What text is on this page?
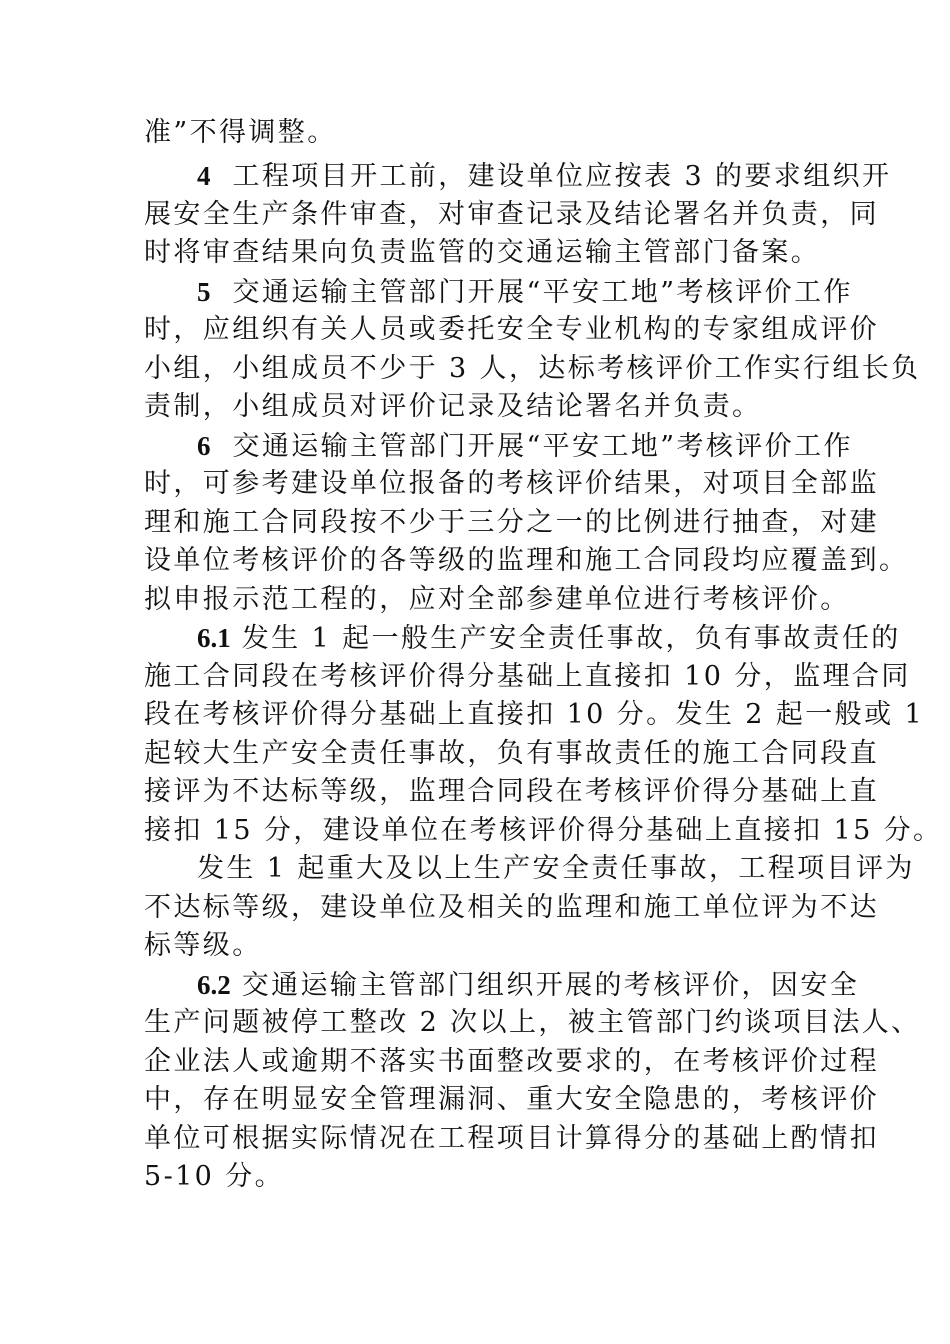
准”不得调整。
4  工程项目开工前，建设单位应按表 3 的要求组织开
展安全生产条件审查，对审查记录及结论署名并负责，同
时将审查结果向负责监管的交通运输主管部门备案。
5  交通运输主管部门开展“平安工地”考核评价工作
时，应组织有关人员或委托安全专业机构的专家组成评价
小组，小组成员不少于 3 人，达标考核评价工作实行组长负
责制，小组成员对评价记录及结论署名并负责。
6  交通运输主管部门开展“平安工地”考核评价工作
时，可参考建设单位报备的考核评价结果，对项目全部监
理和施工合同段按不少于三分之一的比例进行抽查，对建
设单位考核评价的各等级的监理和施工合同段均应覆盖到。
拟申报示范工程的，应对全部参建单位进行考核评价。
6.1 发生 1 起一般生产安全责任事故，负有事故责任的
施工合同段在考核评价得分基础上直接扣 10 分，监理合同
段在考核评价得分基础上直接扣 10 分。发生 2 起一般或 1
起较大生产安全责任事故，负有事故责任的施工合同段直
接评为不达标等级，监理合同段在考核评价得分基础上直
接扣 15 分，建设单位在考核评价得分基础上直接扣 15 分。
发生 1 起重大及以上生产安全责任事故，工程项目评为
不达标等级，建设单位及相关的监理和施工单位评为不达
标等级。
6.2 交通运输主管部门组织开展的考核评价，因安全
生产问题被停工整改 2 次以上，被主管部门约谈项目法人、
企业法人或逾期不落实书面整改要求的，在考核评价过程
中，存在明显安全管理漏洞、重大安全隐患的，考核评价
单位可根据实际情况在工程项目计算得分的基础上酌情扣
5-10 分。
